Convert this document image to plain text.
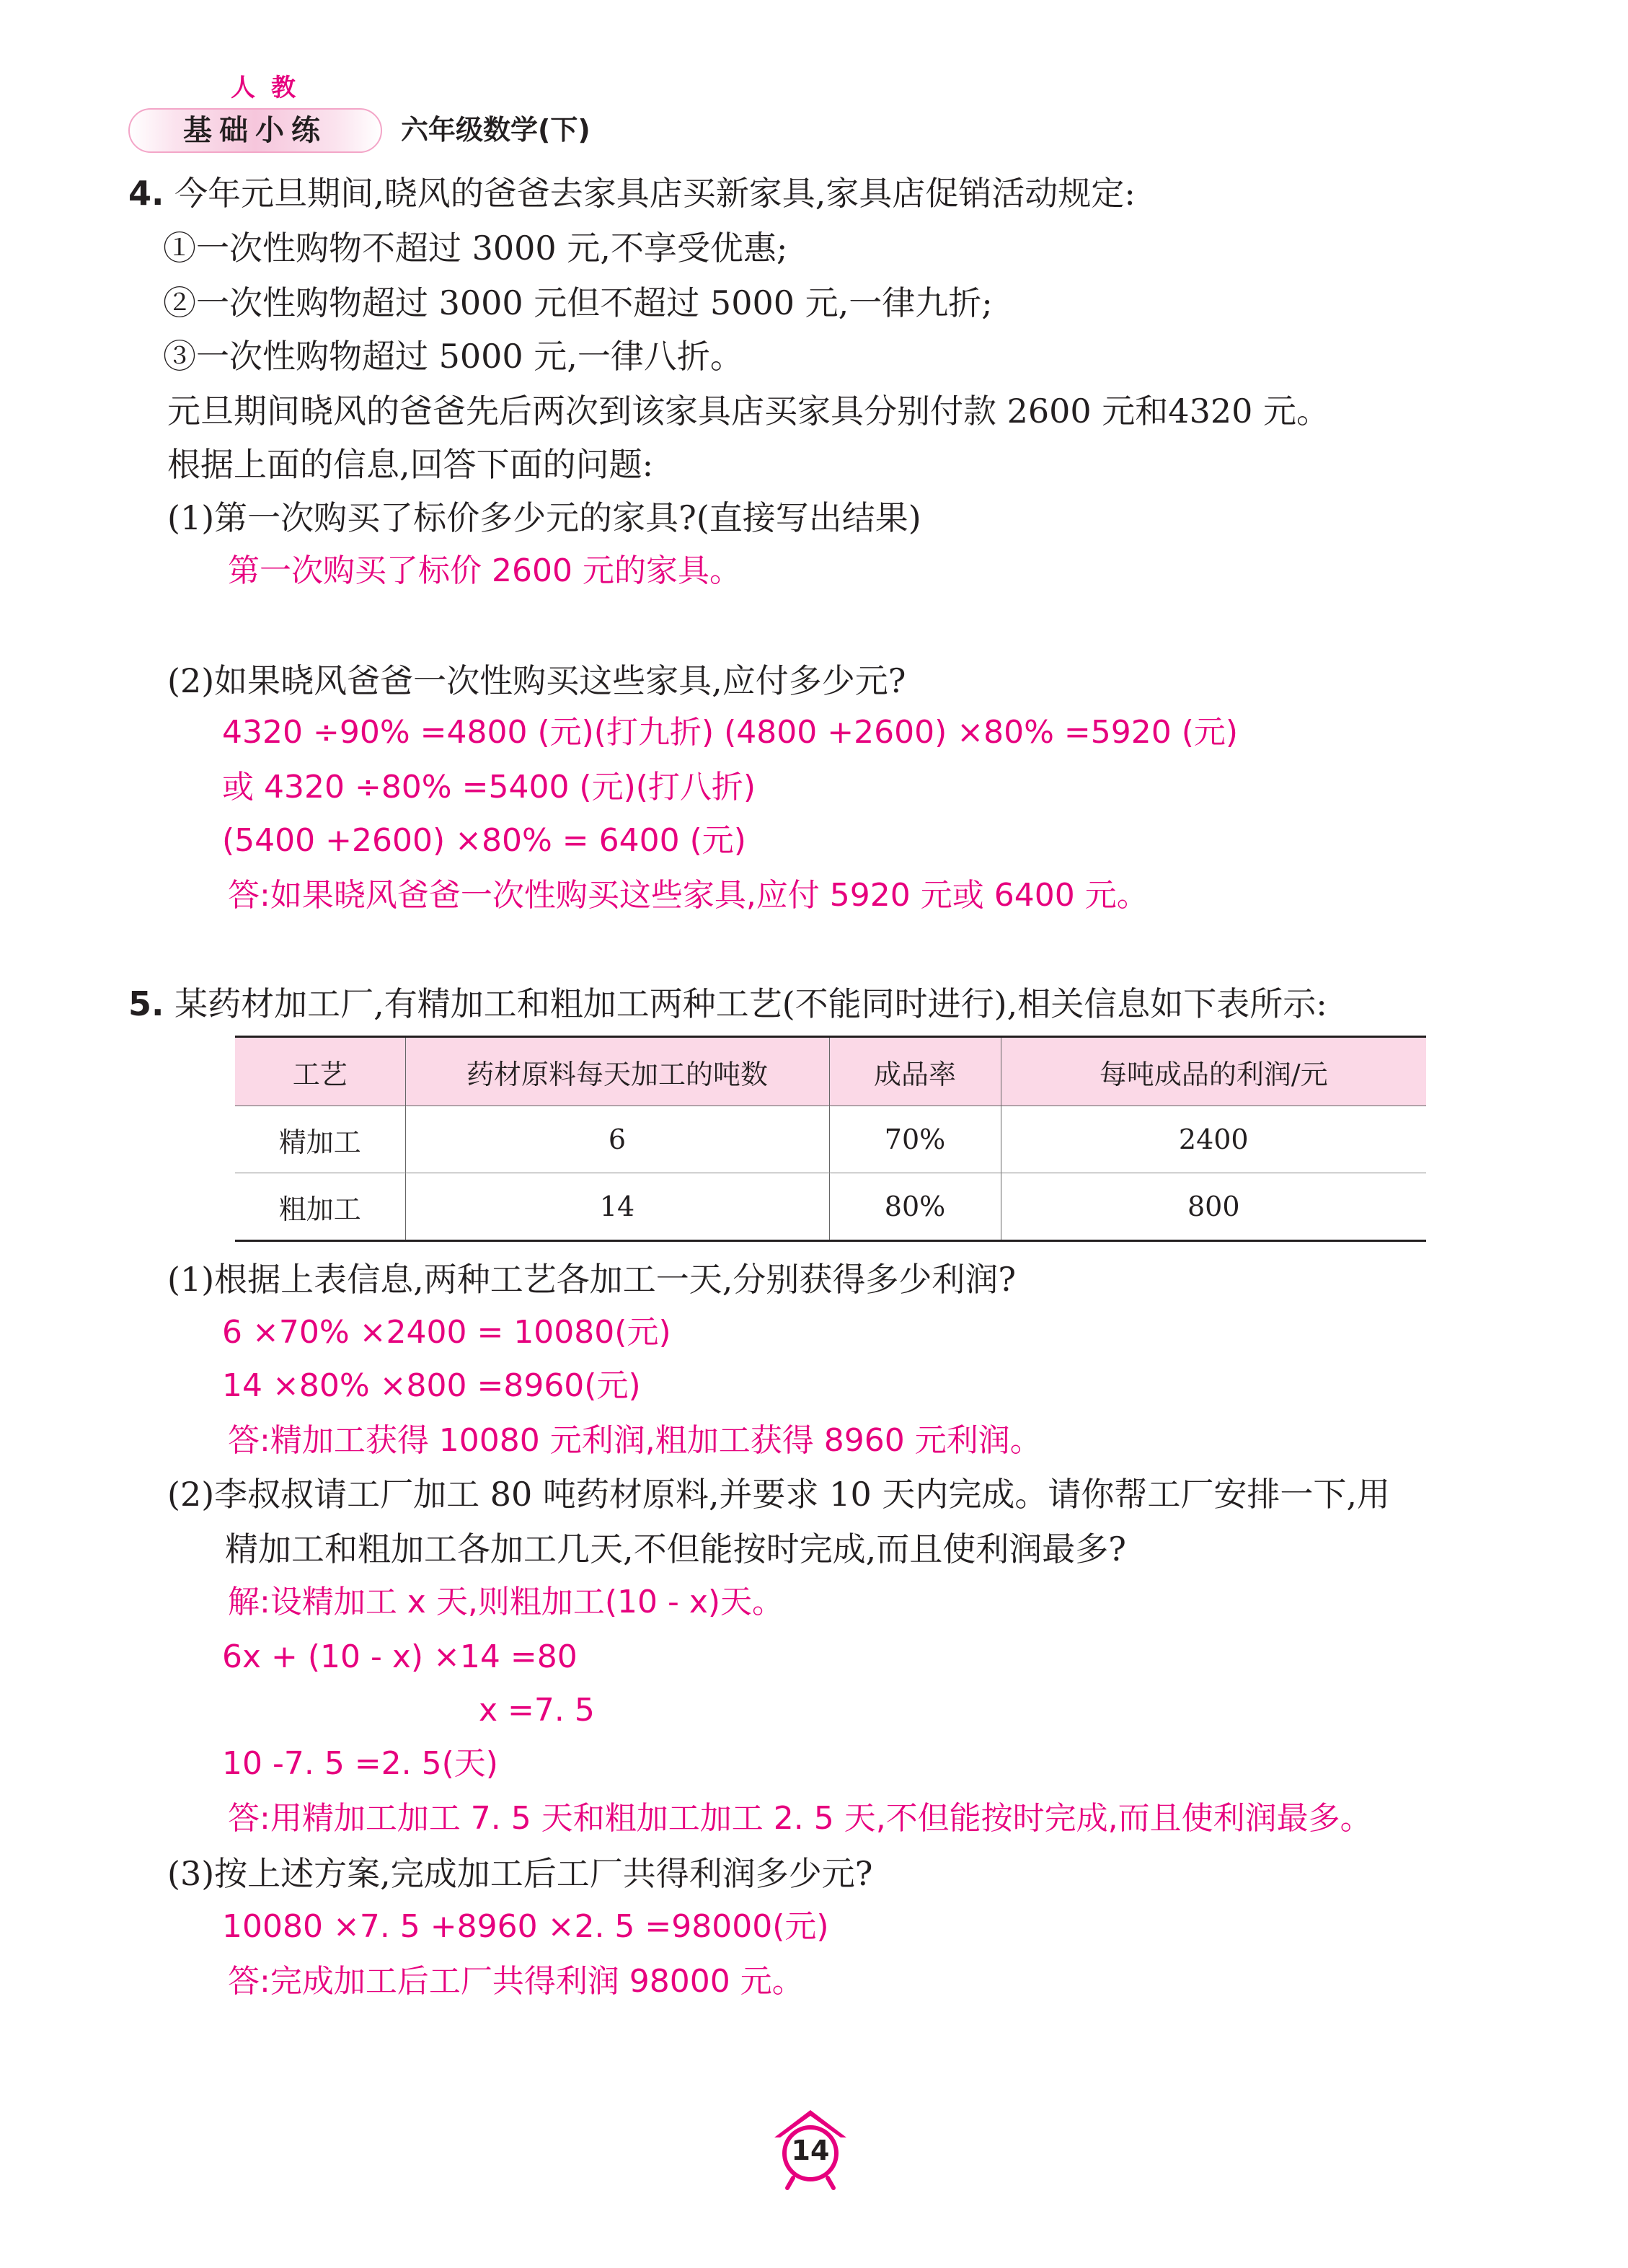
人教
基础小练	六年级数学(下)
4. 今年元旦期间,晓风的爸爸去家具店买新家具,家具店促销活动规定:
①一次性购物不超过 3000 元,不享受优惠;
②一次性购物超过 3000 元但不超过 5000 元,一律九折;
③一次性购物超过 5000 元,一律八折。
元旦期间晓风的爸爸先后两次到该家具店买家具分别付款 2600 元和4320 元。
根据上面的信息,回答下面的问题:
(1)第一次购买了标价多少元的家具?(直接写出结果)
第一次购买了标价 2600 元的家具。
(2)如果晓风爸爸一次性购买这些家具,应付多少元?
4320 ÷90% =4800 (元)(打九折) (4800 +2600) ×80% =5920 (元)
或 4320 ÷80% =5400 (元)(打八折)
(5400 +2600) ×80% = 6400 (元)
答:如果晓风爸爸一次性购买这些家具,应付 5920 元或 6400 元。
5. 某药材加工厂,有精加工和粗加工两种工艺(不能同时进行),相关信息如下表所示:
工艺	药材原料每天加工的吨数	成品率	每吨成品的利润/元
精加工	6	70%	2400
粗加工	14	80%	800
(1)根据上表信息,两种工艺各加工一天,分别获得多少利润?
6 ×70% ×2400 = 10080(元)
14 ×80% ×800 =8960(元)
答:精加工获得 10080 元利润,粗加工获得 8960 元利润。
(2)李叔叔请工厂加工 80 吨药材原料,并要求 10 天内完成。请你帮工厂安排一下,用
精加工和粗加工各加工几天,不但能按时完成,而且使利润最多?
解:设精加工 x 天,则粗加工(10 - x)天。
6x + (10 - x) ×14 =80
x =7. 5
10 -7. 5 =2. 5(天)
答:用精加工加工 7. 5 天和粗加工加工 2. 5 天,不但能按时完成,而且使利润最多。
(3)按上述方案,完成加工后工厂共得利润多少元?
10080 ×7. 5 +8960 ×2. 5 =98000(元)
答:完成加工后工厂共得利润 98000 元。
14
